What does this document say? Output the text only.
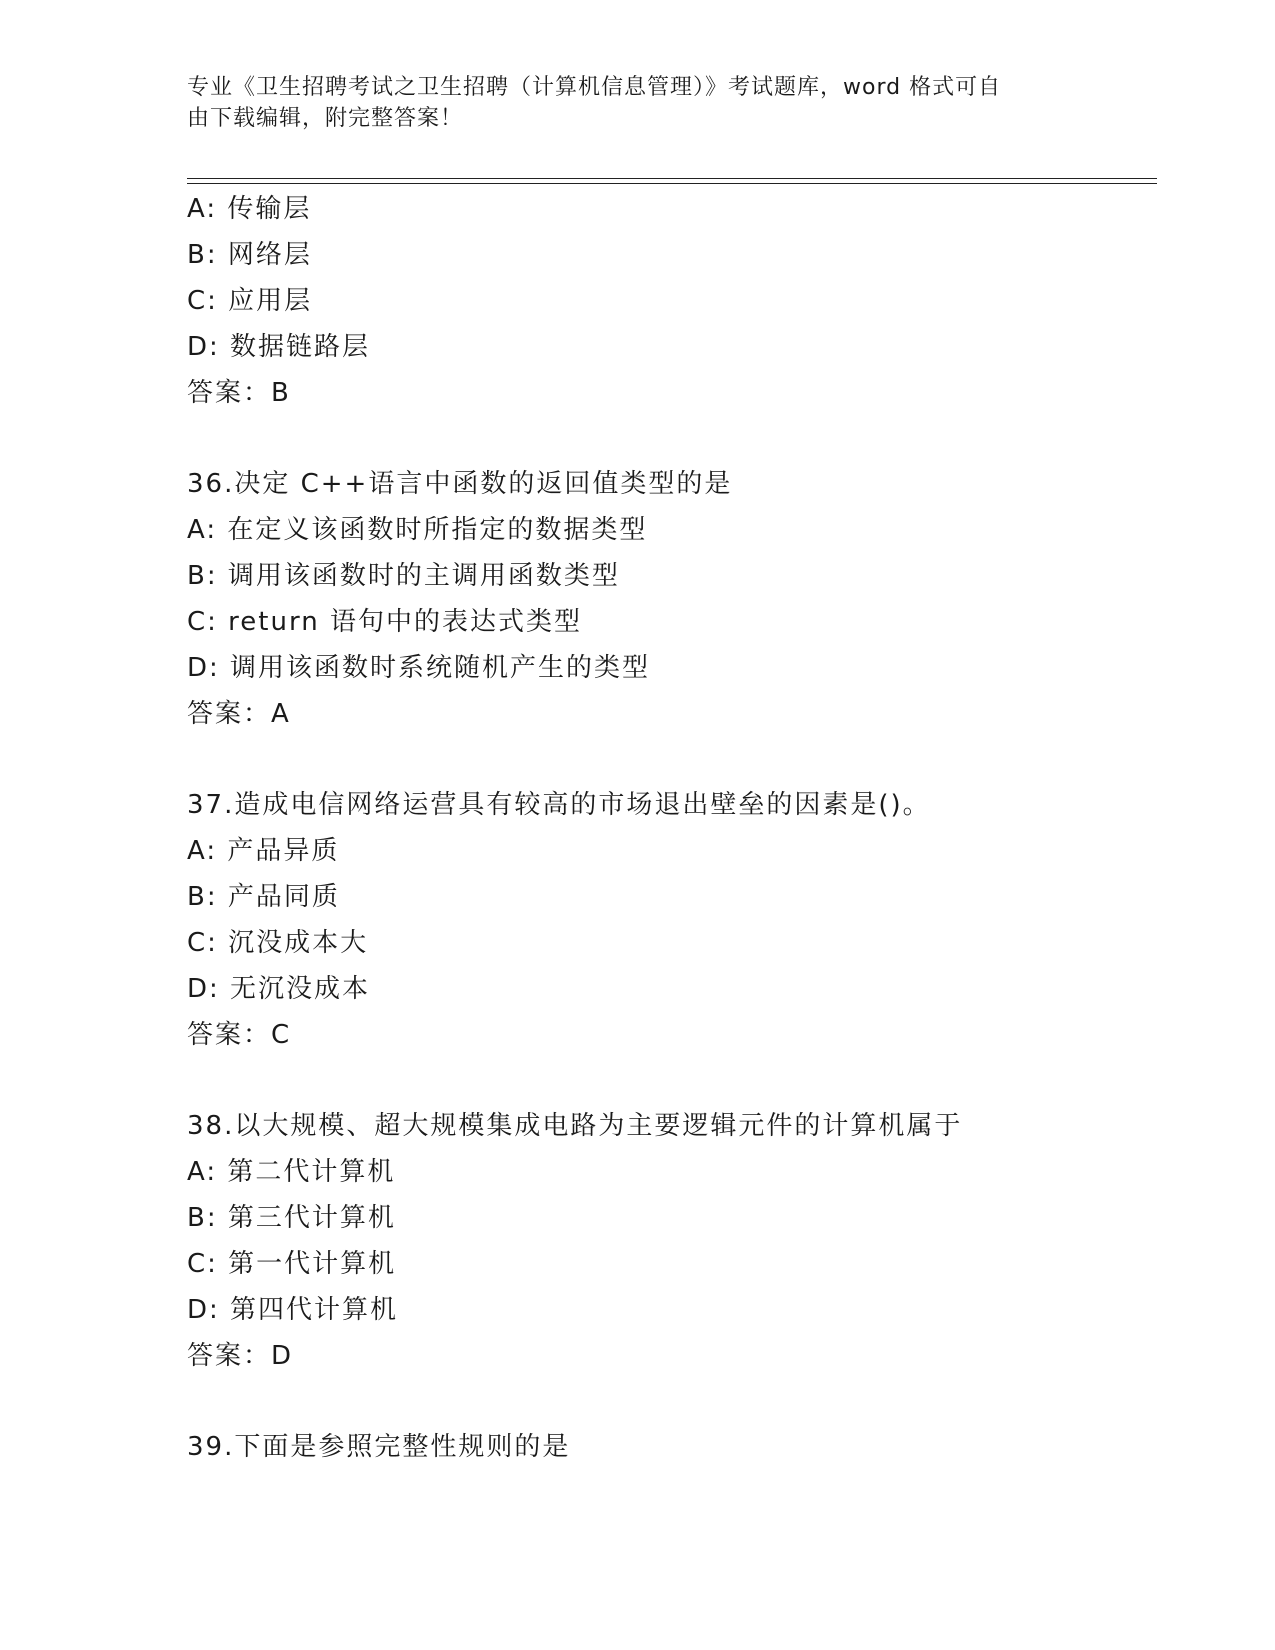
专业《卫生招聘考试之卫生招聘（计算机信息管理）》考试题库，word 格式可自
由下载编辑，附完整答案！
A: 传输层
B: 网络层
C: 应用层
D: 数据链路层
答案：B
36.决定 C++语言中函数的返回值类型的是
A: 在定义该函数时所指定的数据类型
B: 调用该函数时的主调用函数类型
C: return 语句中的表达式类型
D: 调用该函数时系统随机产生的类型
答案：A
37.造成电信网络运营具有较高的市场退出壁垒的因素是()。
A: 产品异质
B: 产品同质
C: 沉没成本大
D: 无沉没成本
答案：C
38.以大规模、超大规模集成电路为主要逻辑元件的计算机属于
A: 第二代计算机
B: 第三代计算机
C: 第一代计算机
D: 第四代计算机
答案：D
39.下面是参照完整性规则的是
